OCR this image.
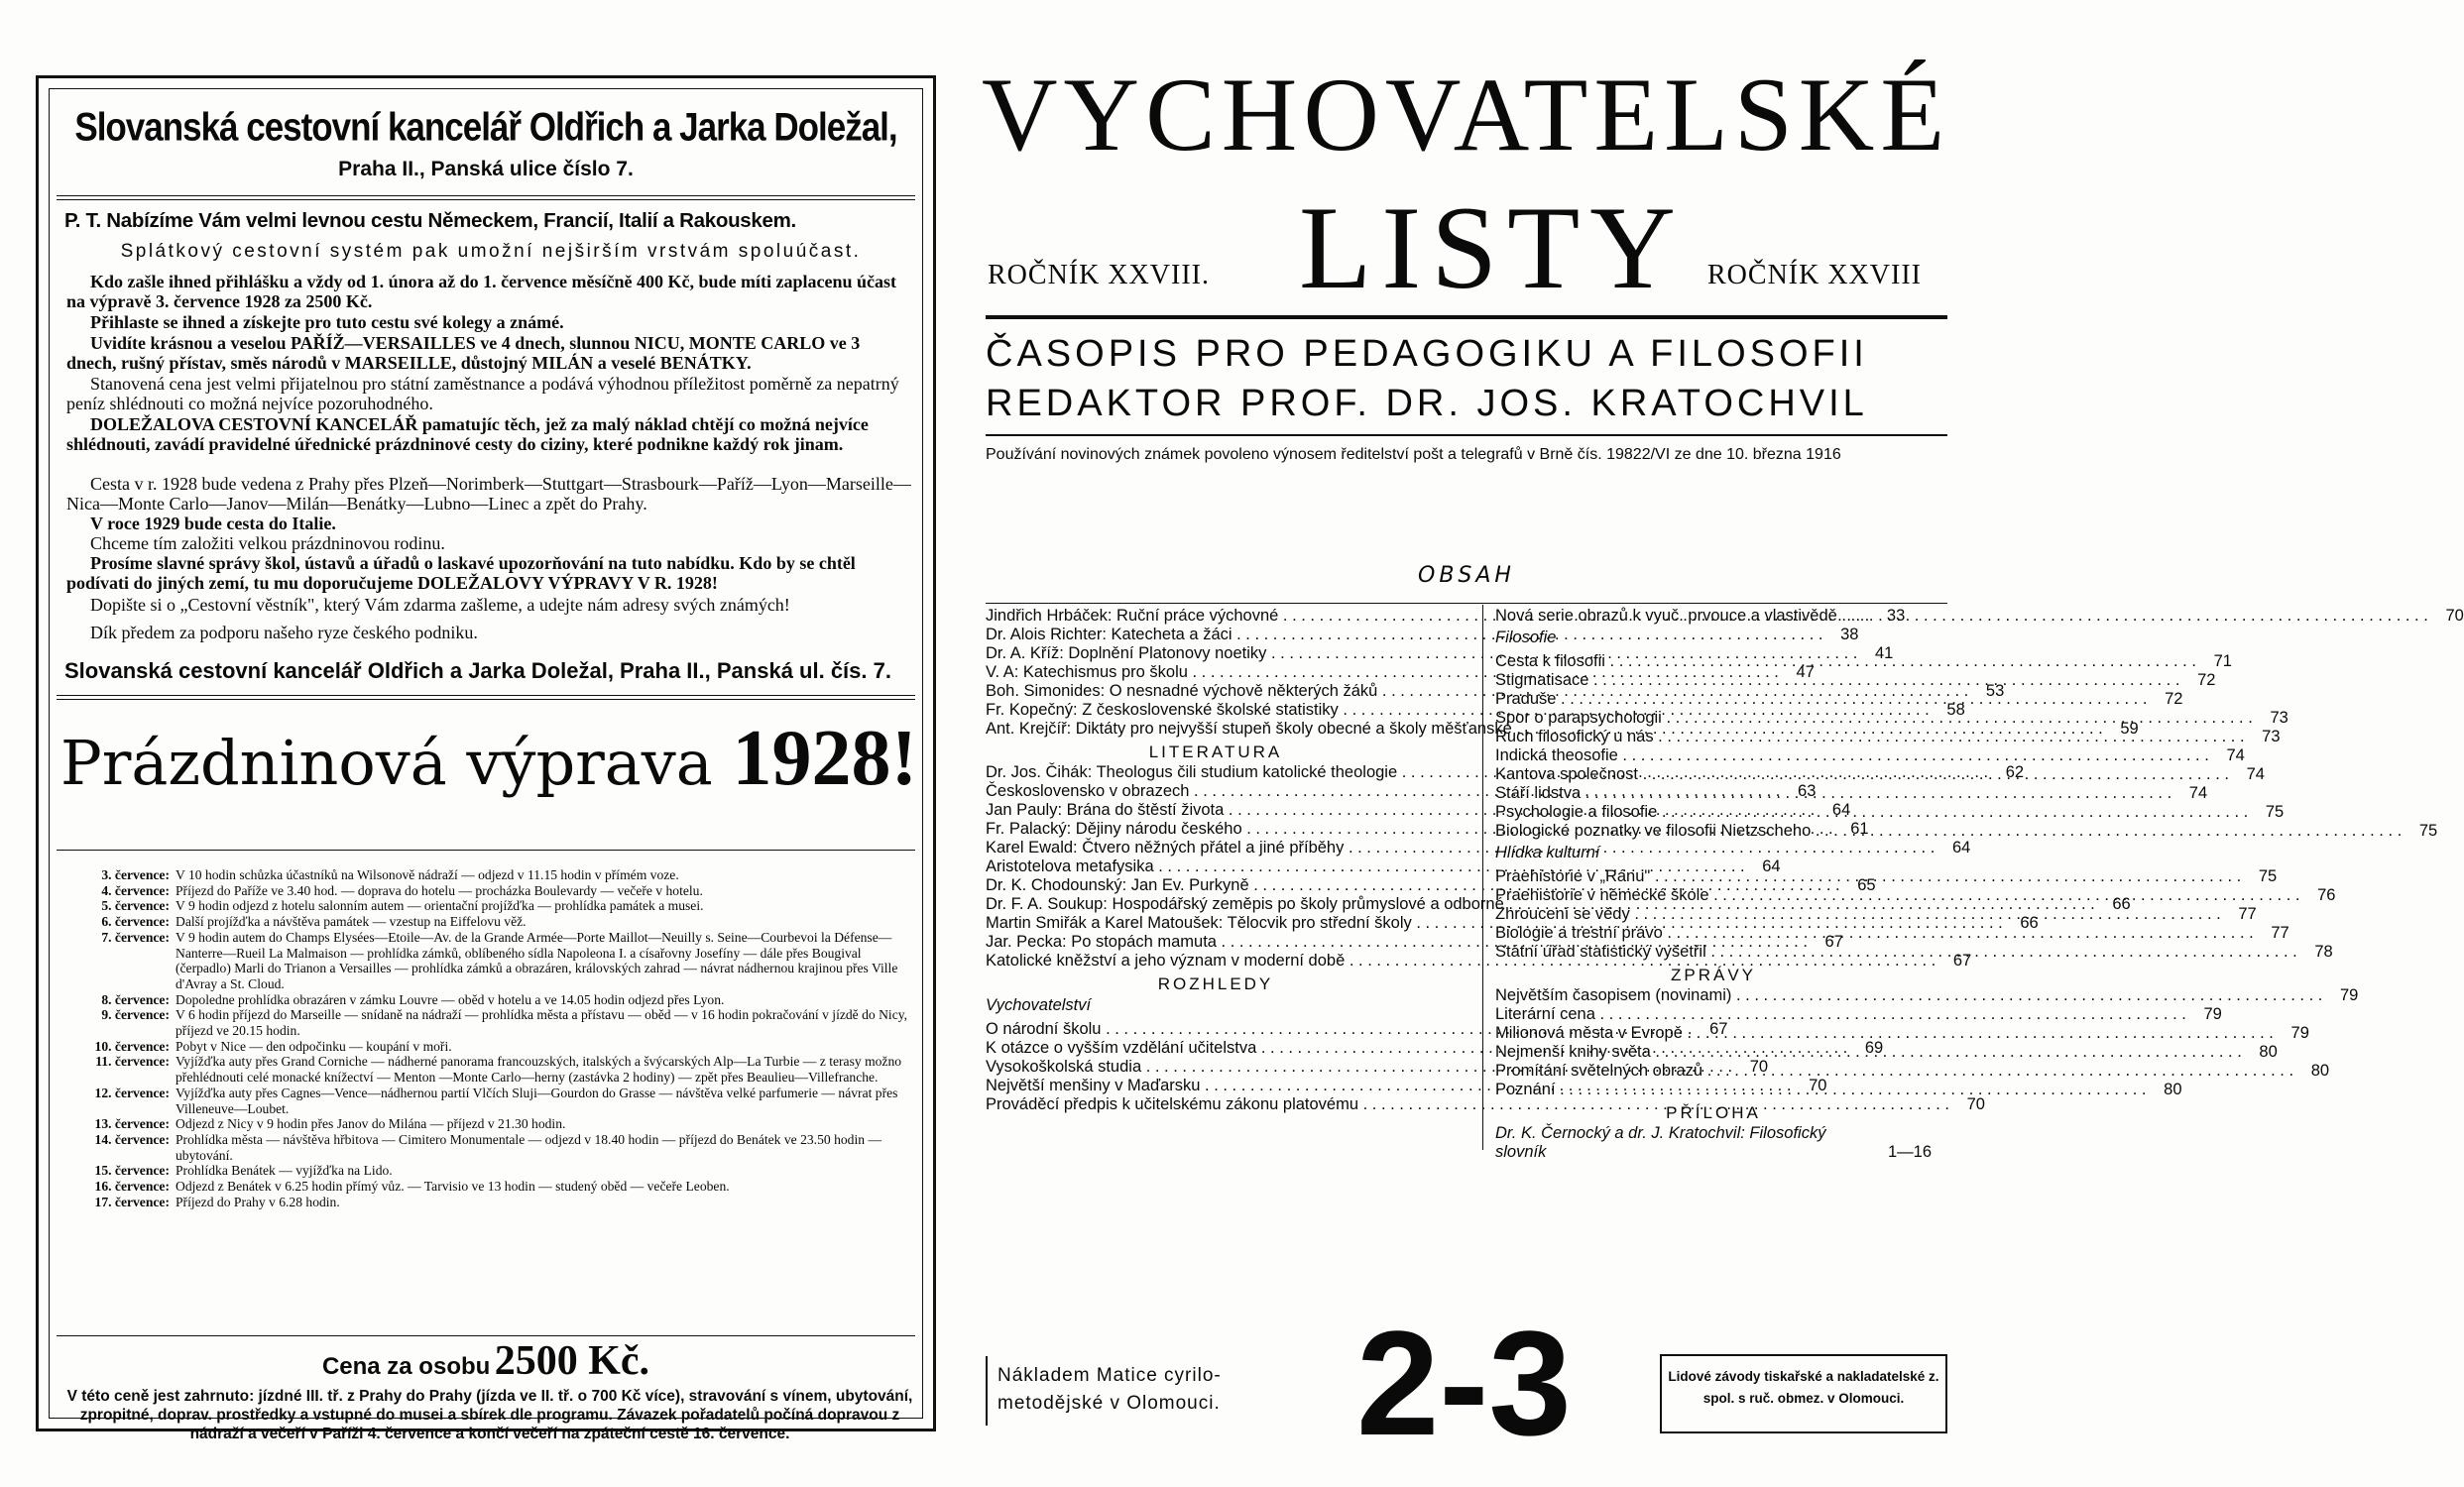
Slovanská cestovní kancelář Oldřich a Jarka Doležal,
Praha II., Panská ulice číslo 7.
P. T. Nabízíme Vám velmi levnou cestu Německem, Francií, Italií a Rakouskem.
Splátkový cestovní systém pak umožní nejširším vrstvám spoluúčast.
Kdo zašle ihned přihlášku a vždy od 1. února až do 1. července měsíčně 400 Kč, bude míti zaplacenu účast na výpravě 3. července 1928 za 2500 Kč.
Přihlaste se ihned a získejte pro tuto cestu své kolegy a známé.
Uvidíte krásnou a veselou PAŘÍŽ—VERSAILLES ve 4 dnech, slunnou NICU, MONTE CARLO ve 3 dnech, rušný přístav, směs národů v MARSEILLE, důstojný MILÁN a veselé BENÁTKY.
Stanovená cena jest velmi přijatelnou pro státní zaměstnance a podává výhodnou příležitost poměrně za nepatrný peníz shlédnouti co možná nejvíce pozoruhodného.
DOLEŽALOVA CESTOVNÍ KANCELÁŘ pamatujíc těch, jež za malý náklad chtějí co možná nejvíce shlédnouti, zavádí pravidelné úřednické prázdninové cesty do ciziny, které podnikne každý rok jinam.
Cesta v r. 1928 bude vedena z Prahy přes Plzeň—Norimberk—Stuttgart—Strasbourk—Paříž—Lyon—Marseille—Nica—Monte Carlo—Janov—Milán—Benátky—Lubno—Linec a zpět do Prahy.
V roce 1929 bude cesta do Italie.
Chceme tím založiti velkou prázdninovou rodinu.
Prosíme slavné správy škol, ústavů a úřadů o laskavé upozorňování na tuto nabídku. Kdo by se chtěl podívati do jiných zemí, tu mu doporučujeme DOLEŽALOVY VÝPRAVY V R. 1928!
Dopište si o „Cestovní věstník", který Vám zdarma zašleme, a udejte nám adresy svých známých!
Dík předem za podporu našeho ryze českého podniku.
Slovanská cestovní kancelář Oldřich a Jarka Doležal, Praha II., Panská ul. čís. 7.
Prázdninová výprava 1928!
3. července: V 10 hodin schůzka účastníků na Wilsonově nádraží — odjezd v 11.15 hodin v přímém voze.
4. července: Příjezd do Paříže ve 3.40 hod. — doprava do hotelu — procházka Boulevardy — večeře v hotelu.
5. července: V 9 hodin odjezd z hotelu salonním autem — orientační projížďka — prohlídka památek a musei.
6. července: Další projížďka a návštěva památek — vzestup na Eiffelovu věž.
7. července: V 9 hodin autem do Champs Elysées—Etoile—Av. de la Grande Armée—Porte Maillot—Neuilly s. Seine—Courbevoi la Défense—Nanterre—Rueil La Malmaison — prohlídka zámků, oblíbeného sídla Napoleona I. a císařovny Josefíny — dále přes Bougival (čerpadlo) Marli do Trianon a Versailles — prohlídka zámků a obrazáren, královských zahrad — návrat nádhernou krajinou přes Ville d'Avray a St. Cloud.
8. července: Dopoledne prohlídka obrazáren v zámku Louvre — oběd v hotelu a ve 14.05 hodin odjezd přes Lyon.
9. července: V 6 hodin příjezd do Marseille — snídaně na nádraží — prohlídka města a přístavu — oběd — v 16 hodin pokračování v jízdě do Nicy, příjezd ve 20.15 hodin.
10. července: Pobyt v Nice — den odpočinku — koupání v moři.
11. července: Vyjížďka auty přes Grand Corniche — nádherné panorama francouzských, italských a švýcarských Alp—La Turbie — z terasy možno přehlédnouti celé monacké knížectví — Menton —Monte Carlo—herny (zastávka 2 hodiny) — zpět přes Beaulieu—Villefranche.
12. července: Vyjížďka auty přes Cagnes—Vence—nádhernou partií Vlčích Sluji—Gourdon do Grasse — návštěva velké parfumerie — návrat přes Villeneuve—Loubet.
13. července: Odjezd z Nicy v 9 hodin přes Janov do Milána — příjezd v 21.30 hodin.
14. července: Prohlídka města — návštěva hřbitova — Cimitero Monumentale — odjezd v 18.40 hodin — příjezd do Benátek ve 23.50 hodin — ubytování.
15. července: Prohlídka Benátek — vyjížďka na Lido.
16. července: Odjezd z Benátek v 6.25 hodin přímý vůz. — Tarvisio ve 13 hodin — studený oběd — večeře Leoben.
17. července: Příjezd do Prahy v 6.28 hodin.
Cena za osobu 2500 Kč.
V této ceně jest zahrnuto: jízdné III. tř. z Prahy do Prahy (jízda ve II. tř. o 700 Kč více), stravování s vínem, ubytování, zpropitné, doprav. prostředky a vstupné do musei a sbírek dle programu. Závazek pořadatelů počíná dopravou z nádraží a večeří v Paříži 4. července a končí večeří na zpáteční cestě 16. července.
VYCHOVATELSKÉ
ROČNÍK XXVIII. LISTY ROČNÍK XXVIII
ČASOPIS PRO PEDAGOGIKU A FILOSOFII
REDAKTOR PROF. DR. JOS. KRATOCHVIL
Používání novinových známek povoleno výnosem ředitelství pošt a telegrafů v Brně čís. 19822/VI ze dne 10. března 1916
OBSAH
Jindřich Hrbáček: Ruční práce výchovné . . .	33
Dr. Alois Richter: Katecheta a žáci . . .	38
Dr. A. Kříž: Doplnění Platonovy noetiky . . .	41
V. A: Katechismus pro školu . . .	47
Boh. Simonides: O nesnadné výchově některých žáků . . .	53
Fr. Kopečný: Z československé školské statistiky . . .	58
Ant. Krejčíř: Diktáty pro nejvyšší stupeň školy obecné a školy měšťanské . . .	59
LITERATURA
Dr. Jos. Čihák: Theologus čili studium katolické theologie . . .	62
Československo v obrazech . . .	63
Jan Pauly: Brána do štěstí života . . .	64
Fr. Palacký: Dějiny národu českého . . .	61
Karel Ewald: Čtvero něžných přátel a jiné příběhy . . .	64
Aristotelova metafysika . . .	64
Dr. K. Chodounský: Jan Ev. Purkyně . . .	65
Dr. F. A. Soukup: Hospodářský zeměpis po školy průmyslové a odborné . . .	66
Martin Smiřák a Karel Matoušek: Tělocvik pro střední školy . . .	66
Jar. Pecka: Po stopách mamuta . . .	67
Katolické kněžství a jeho význam v moderní době . . .	67
ROZHLEDY
Vychovatelství
O národní školu . . .	67
K otázce o vyšším vzdělání učitelstva . . .	69
Vysokoškolská studia . . .	70
Největší menšiny v Maďarsku . . .	70
Prováděcí předpis k učitelskému zákonu platovému . . .	70
Nová serie obrazů k vyuč. prvouce a vlastivědě . . .	70
Filosofie
Cesta k filosofii . . .	71
Stigmatisace . . .	72
Praduše . . .	72
Spor o parapsychologii . . .	73
Ruch filosofický u nás . . .	73
Indická theosofie . . .	74
Kantova společnost . . .	74
Stáří lidstva . . .	74
Psychologie a filosofie . . .	75
Biologické poznatky ve filosofii Nietzscheho . . .	75
Hlídka kulturní
Praehistorie v „Ránu" . . .	75
Praehistorie v německé škole . . .	76
Zhroucení se vědy . . .	77
Biologie a trestní právo . . .	77
Státní úřad statistický vyšetřil . . .	78
ZPRÁVY
Největším časopisem (novinami) . . .	79
Literární cena . . .	79
Milionová města v Evropě . . .	79
Nejmenší knihy světa . . .	80
Promítání světelných obrazů . . .	80
Poznání . . .	80
PŘÍLOHA
Dr. K. Černocký a dr. J. Kratochvil: Filosofický slovník	1—16
Nákladem Matice cyrilo-metodějské v Olomouci. 2-3	Lidové závody tiskařské a nakladatelské z. spol. s ruč. obmez. v Olomouci.
